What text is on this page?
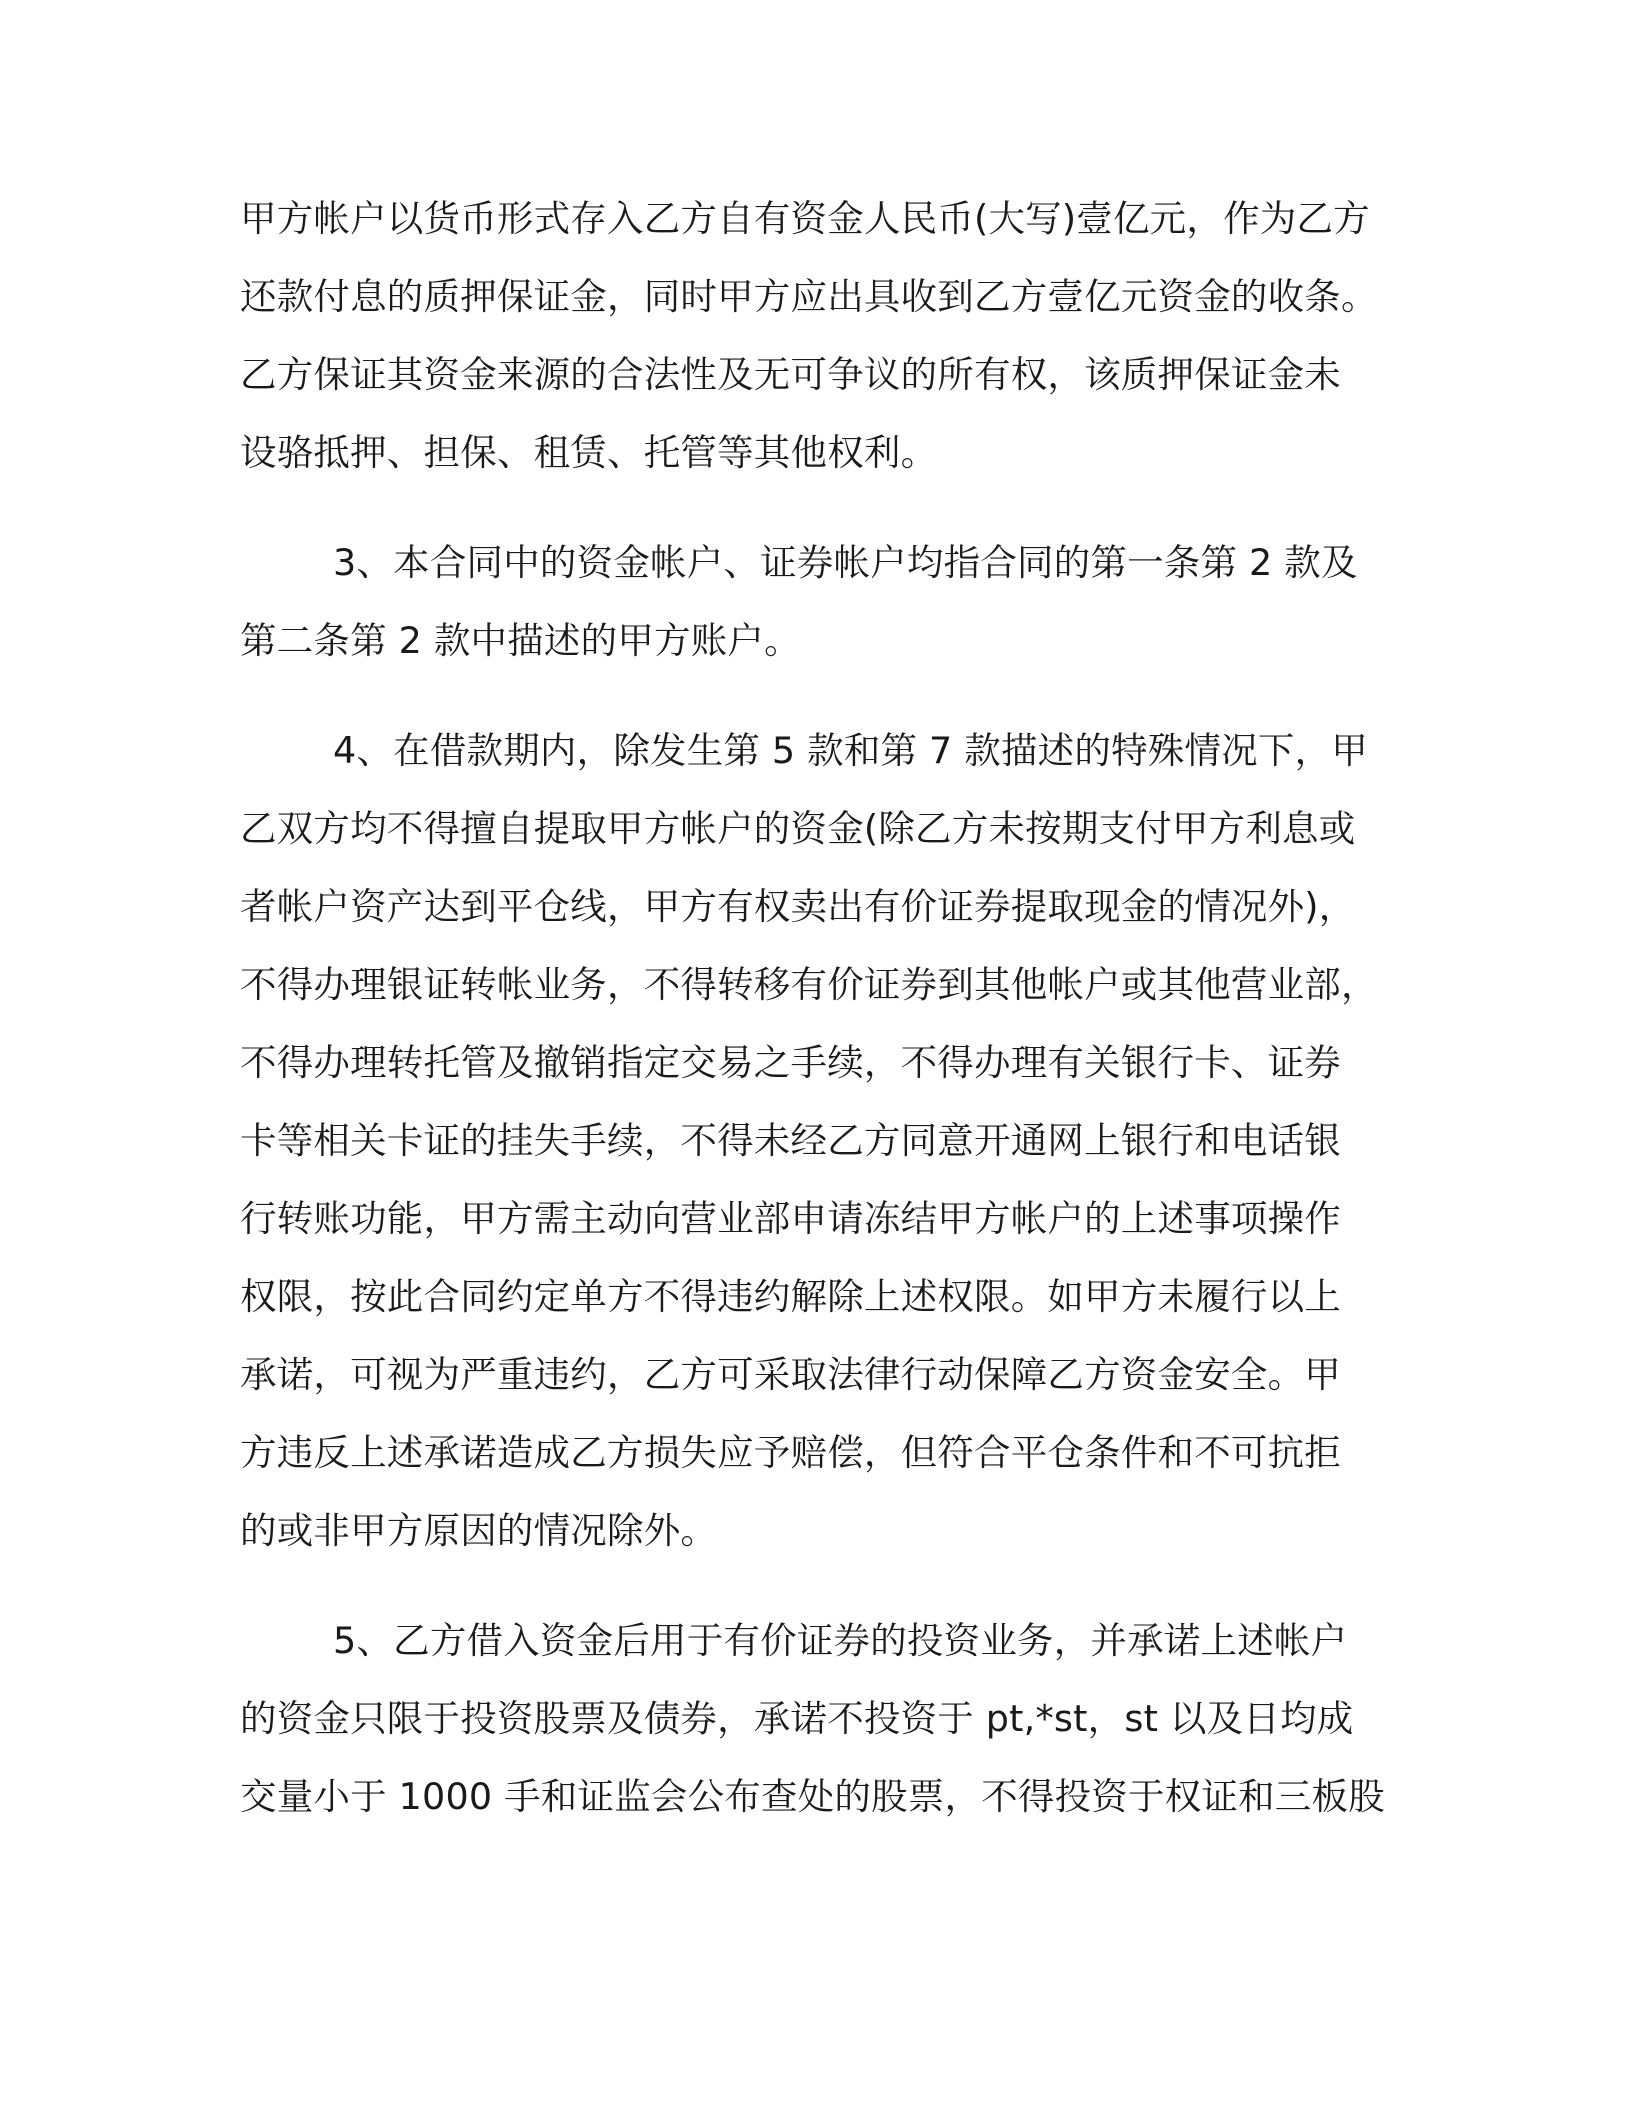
甲方帐户以货币形式存入乙方自有资金人民币(大写)壹亿元，作为乙方
还款付息的质押保证金，同时甲方应出具收到乙方壹亿元资金的收条。
乙方保证其资金来源的合法性及无可争议的所有权，该质押保证金未
设骆抵押、担保、租赁、托管等其他权利。
3、本合同中的资金帐户、证券帐户均指合同的第一条第 2 款及
第二条第 2 款中描述的甲方账户。
4、在借款期内，除发生第 5 款和第 7 款描述的特殊情况下，甲
乙双方均不得擅自提取甲方帐户的资金(除乙方未按期支付甲方利息或
者帐户资产达到平仓线，甲方有权卖出有价证券提取现金的情况外)，
不得办理银证转帐业务，不得转移有价证券到其他帐户或其他营业部，
不得办理转托管及撤销指定交易之手续，不得办理有关银行卡、证券
卡等相关卡证的挂失手续，不得未经乙方同意开通网上银行和电话银
行转账功能，甲方需主动向营业部申请冻结甲方帐户的上述事项操作
权限，按此合同约定单方不得违约解除上述权限。如甲方未履行以上
承诺，可视为严重违约，乙方可采取法律行动保障乙方资金安全。甲
方违反上述承诺造成乙方损失应予赔偿，但符合平仓条件和不可抗拒
的或非甲方原因的情况除外。
5、乙方借入资金后用于有价证券的投资业务，并承诺上述帐户
的资金只限于投资股票及债券，承诺不投资于 pt,*st，st 以及日均成
交量小于 1000 手和证监会公布查处的股票，不得投资于权证和三板股
